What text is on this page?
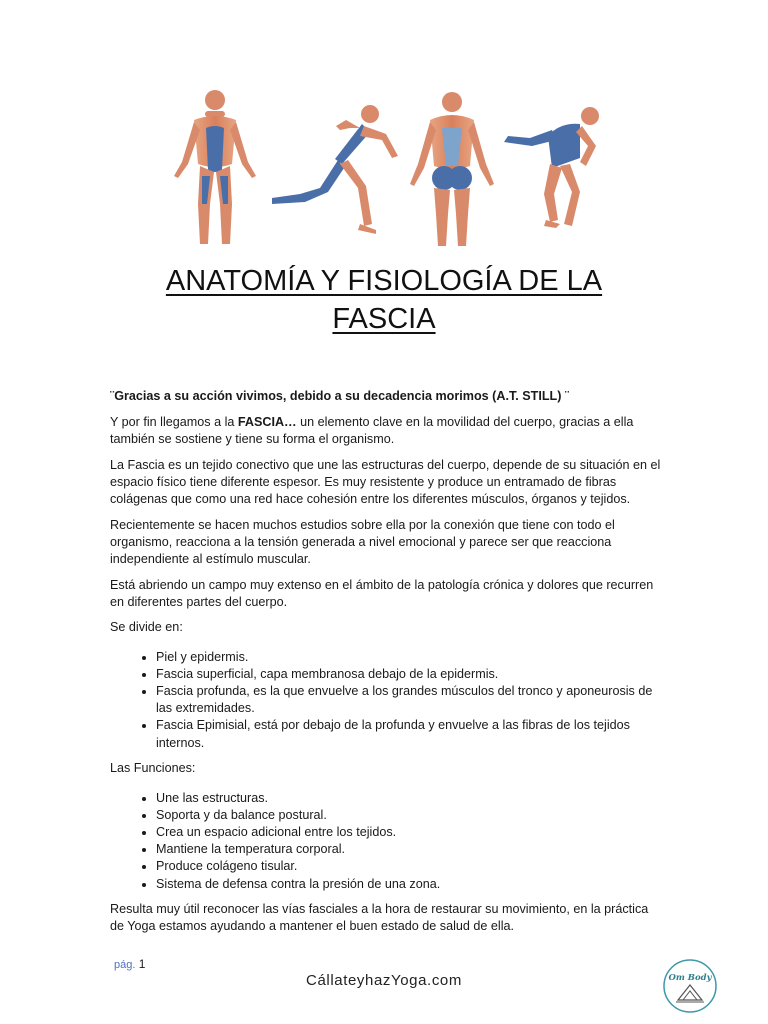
ANATOMÍA Y FISIOLOGÍA DE LA
FASCIA

¨Gracias a su acción vivimos, debido a su decadencia morimos (A.T. STILL) ¨

Y por fin llegamos a la FASCIA… un elemento clave en la movilidad del cuerpo, gracias a ella también se sostiene y tiene su forma el organismo.

La Fascia es un tejido conectivo que une las estructuras del cuerpo, depende de su situación en el espacio físico tiene diferente espesor. Es muy resistente y produce un entramado de fibras colágenas que como una red hace cohesión entre los diferentes músculos, órganos y tejidos.

Recientemente se hacen muchos estudios sobre ella por la conexión que tiene con todo el organismo, reacciona a la tensión generada a nivel emocional y parece ser que reacciona independiente al estímulo muscular.

Está abriendo un campo muy extenso en el ámbito de la patología crónica y dolores que recurren en diferentes partes del cuerpo.

Se divide en:

• Piel y epidermis.
• Fascia superficial, capa membranosa debajo de la epidermis.
• Fascia profunda, es la que envuelve a los grandes músculos del tronco y aponeurosis de las extremidades.
• Fascia Epimisial, está por debajo de la profunda y envuelve a las fibras de los tejidos internos.

Las Funciones:

• Une las estructuras.
• Soporta y da balance postural.
• Crea un espacio adicional entre los tejidos.
• Mantiene la temperatura corporal.
• Produce colágeno tisular.
• Sistema de defensa contra la presión de una zona.

Resulta muy útil reconocer las vías fasciales a la hora de restaurar su movimiento, en la práctica de Yoga estamos ayudando a mantener el buen estado de salud de ella.

pág. 1
CállateyhazYoga.com	Om Body
